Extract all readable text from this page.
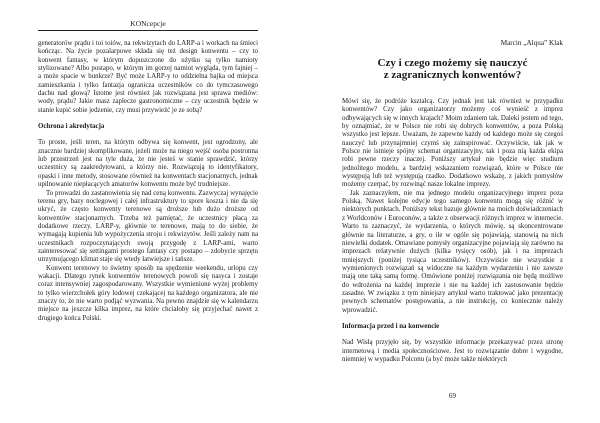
KONcepcje

generatorów prądu i toi toiów, na rekwizytach do LARP-a i workach na śmieci kończąc. Na życie pozalarpowe składa się też design konwentu – czy to konwent fantasy, w którym dopuszczone do użytku są tylko namioty stylizowane? Albo postapo, w którym im gorzej namiot wygląda, tym fajniej – a może spacie w bunkrze? Być może LARP-y to oddzielna bajka od miejsca zamieszkania i tylko fantazja ogranicza uczestników co do tymczasowego dachu nad głową? Istotne jest również jak rozwiązana jest sprawa mediów: wody, prądu? Jakie masz zaplecze gastronomiczne – czy uczestnik będzie w stanie kupić sobie jedzenie, czy musi przywieźć je ze sobą?

Ochrona i akredytacja

To proste, jeśli teren, na którym odbywa się konwent, jest ogrodzony, ale znacznie bardziej skomplikowane, jeżeli może na niego wejść osoba postronna lub przestrzeń jest na tyle duża, że nie jesteś w stanie sprawdzić, którzy uczestnicy są zaakredytowani, a którzy nie. Rozwiązują to identyfikatory, opaski i inne metody, stosowane również na konwentach stacjonarnych, jednak upilnowanie niepłacących amatorów konwentu może być trudniejsze.

To prowadzi do zastanowienia się nad ceną konwentu. Zazwyczaj wynajęcie terenu gry, bazy noclegowej i całej infrastruktury to spore koszta i nie da się ukryć, że często konwenty terenowe są droższe lub dużo droższe od konwentów stacjonarnych. Trzeba też pamiętać, że uczestnicy płacą za dodatkowe rzeczy. LARP-y, głównie te terenowe, mają to do siebie, że wymagają kupienia lub wypożyczenia stroju i rekwizytów. Jeśli zależy nam na uczestnikach rozpoczynających swoją przygodę z LARP-ami, warto zainteresować się settingami prostego fantasy czy postapo – zdobycie sprzętu utrzymującego klimat staje się wtedy łatwiejsze i tańsze.

Konwent terenowy to świetny sposób na spędzenie weekendu, urlopu czy wakacji. Dlatego rynek konwentów terenowych powoli się nasyca i zostaje coraz intensywniej zagospodarowany. Wszystkie wymienione wyżej problemy to tylko wierzchołek góry lodowej czekającej na każdego organizatora, ale nie znaczy to, że nie warto podjąć wyzwania. Na pewno znajdzie się w kalendarzu miejsce na jeszcze kilka imprez, na które chciałoby się przyjechać nawet z drugiego końca Polski.

Marcin „Alqua” Klak
Czy i czego możemy się nauczyć
z zagranicznych konwentów?

Mówi się, że podróże kształcą. Czy jednak jest tak również w przypadku konwentów? Czy jako organizatorzy możemy coś wynieść z imprez odbywających się w innych krajach? Moim zdaniem tak. Daleki jestem od tego, by oznajmiać, że w Polsce nie robi się dobrych konwentów, a poza Polską wszystko jest lepsze. Uważam, że zapewne każdy od każdego może się czegoś nauczyć lub przynajmniej czymś się zainspirować. Oczywiście, tak jak w Polsce nie istnieje spójny schemat organizacyjny, tak i poza nią każda ekipa robi pewne rzeczy inaczej. Poniższy artykuł nie będzie więc studium jednolitego modelu, a bardziej wskazaniem rozwiązań, które w Polsce nie występują lub też występują rzadko. Dodatkowo wskażę, z jakich pomysłów możemy czerpać, by rozwinąć nasze lokalne imprezy.

Jak zaznaczyłem, nie ma jednego modelu organizacyjnego imprez poza Polską. Nawet kolejne edycje tego samego konwentu mogą się różnić w niektórych punktach. Poniższy tekst bazuje głównie na moich doświadczeniach z Worldconów i Euroconów, a także z obserwacji różnych imprez w internecie. Warto tu zaznaczyć, że wydarzenia, o których mówię, są skoncentrowane głównie na literaturze, a gry, o ile w ogóle się pojawiają, stanowią na nich niewielki dodatek. Omawiane pomysły organizacyjne pojawiają się zarówno na imprezach relatywnie dużych (kilka tysięcy osób), jak i na imprezach mniejszych (poniżej tysiąca uczestników). Oczywiście nie wszystkie z wymienionych rozwiązań są widoczne na każdym wydarzeniu i nie zawsze mają one taką samą formę. Omówione poniżej rozwiązania nie będą możliwe do wdrożenia na każdej imprezie i nie na każdej ich zastosowanie będzie zasadne. W związku z tym niniejszy artykuł warto traktować jako prezentację pewnych schematów postępowania, a nie instrukcję, co koniecznie należy wprowadzić.

Informacja przed i na konwencie

Nad Wisłą przyjęło się, by wszystkie informacje przekazywać przez stronę internetową i media społecznościowe. Jest to rozwiązanie dobre i wygodne, niemniej w wypadku Polconu (a być może także niektórych

69
